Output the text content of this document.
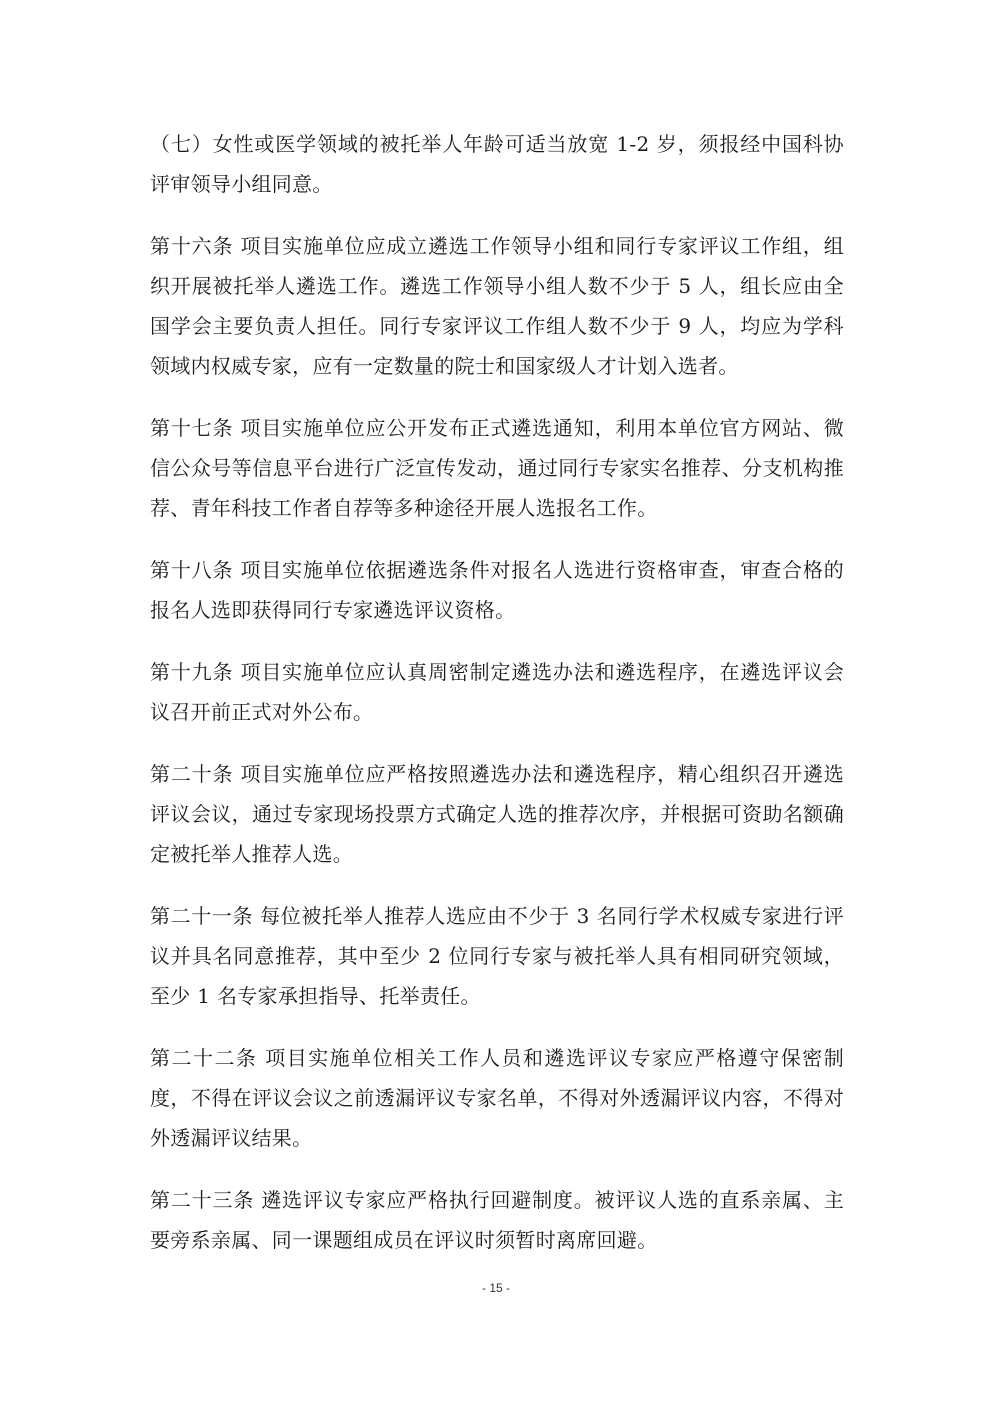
（七）女性或医学领域的被托举人年龄可适当放宽 1-2 岁，须报经中国科协评审领导小组同意。

第十六条 项目实施单位应成立遴选工作领导小组和同行专家评议工作组，组织开展被托举人遴选工作。遴选工作领导小组人数不少于 5 人，组长应由全国学会主要负责人担任。同行专家评议工作组人数不少于 9 人，均应为学科领域内权威专家，应有一定数量的院士和国家级人才计划入选者。

第十七条 项目实施单位应公开发布正式遴选通知，利用本单位官方网站、微信公众号等信息平台进行广泛宣传发动，通过同行专家实名推荐、分支机构推荐、青年科技工作者自荐等多种途径开展人选报名工作。

第十八条 项目实施单位依据遴选条件对报名人选进行资格审查，审查合格的报名人选即获得同行专家遴选评议资格。

第十九条 项目实施单位应认真周密制定遴选办法和遴选程序，在遴选评议会议召开前正式对外公布。

第二十条 项目实施单位应严格按照遴选办法和遴选程序，精心组织召开遴选评议会议，通过专家现场投票方式确定人选的推荐次序，并根据可资助名额确定被托举人推荐人选。

第二十一条 每位被托举人推荐人选应由不少于 3 名同行学术权威专家进行评议并具名同意推荐，其中至少 2 位同行专家与被托举人具有相同研究领域，至少 1 名专家承担指导、托举责任。

第二十二条 项目实施单位相关工作人员和遴选评议专家应严格遵守保密制度，不得在评议会议之前透漏评议专家名单，不得对外透漏评议内容，不得对外透漏评议结果。

第二十三条 遴选评议专家应严格执行回避制度。被评议人选的直系亲属、主要旁系亲属、同一课题组成员在评议时须暂时离席回避。

- 15 -
